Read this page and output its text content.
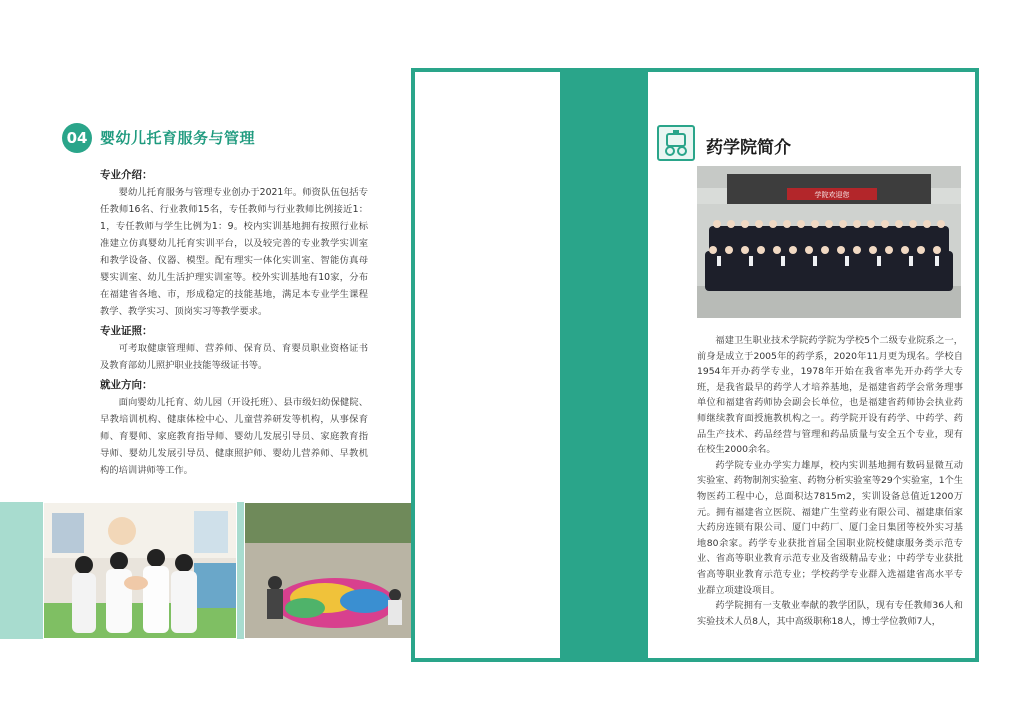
04 婴幼儿托育服务与管理

专业介绍：

婴幼儿托育服务与管理专业创办于2021年。师资队伍包括专任教师16名、行业教师15名，专任教师与行业教师比例接近1：1，专任教师与学生比例为1：9。校内实训基地拥有按照行业标准建立仿真婴幼儿托育实训平台，以及较完善的专业教学实训室和教学设备、仪器、模型。配有理实一体化实训室、智能仿真母婴实训室、幼儿生活护理实训室等。校外实训基地有10家，分布在福建省各地、市，形成稳定的技能基地，满足本专业学生课程教学、教学实习、顶岗实习等教学要求。

专业证照：

可考取健康管理师、营养师、保育员、育婴员职业资格证书及教育部幼儿照护职业技能等级证书等。

就业方向：

面向婴幼儿托育、幼儿园（开设托班）、县市级妇幼保健院、早教培训机构、健康体检中心、儿童营养研发等机构，从事保育师、育婴师、家庭教育指导师、婴幼儿发展引导员、家庭教育指导师、婴幼儿发展引导员、健康照护师、婴幼儿营养师、早教机构的培训讲师等工作。

药学院简介
学院欢迎您

福建卫生职业技术学院药学院为学校5个二级专业院系之一，前身是成立于2005年的药学系，2020年11月更为现名。学校自1954年开办药学专业，1978年开始在我省率先开办药学大专班，是我省最早的药学人才培养基地，是福建省药学会常务理事单位和福建省药师协会副会长单位，也是福建省药师协会执业药师继续教育面授施教机构之一。药学院开设有药学、中药学、药品生产技术、药品经营与管理和药品质量与安全五个专业，现有在校生2000余名。

药学院专业办学实力雄厚，校内实训基地拥有数码显微互动实验室、药物制剂实验室、药物分析实验室等29个实验室，1个生物医药工程中心，总面积达7815m2，实训设备总值近1200万元。拥有福建省立医院、福建广生堂药业有限公司、福建康佰家大药房连锁有限公司、厦门中药厂、厦门金日集团等校外实习基地80余家。药学专业获批首届全国职业院校健康服务类示范专业、省高等职业教育示范专业及省级精品专业；中药学专业获批省高等职业教育示范专业；学校药学专业群入选福建省高水平专业群立项建设项目。

药学院拥有一支敬业奉献的教学团队，现有专任教师36人和实验技术人员8人，其中高级职称18人，博士学位教师7人，
